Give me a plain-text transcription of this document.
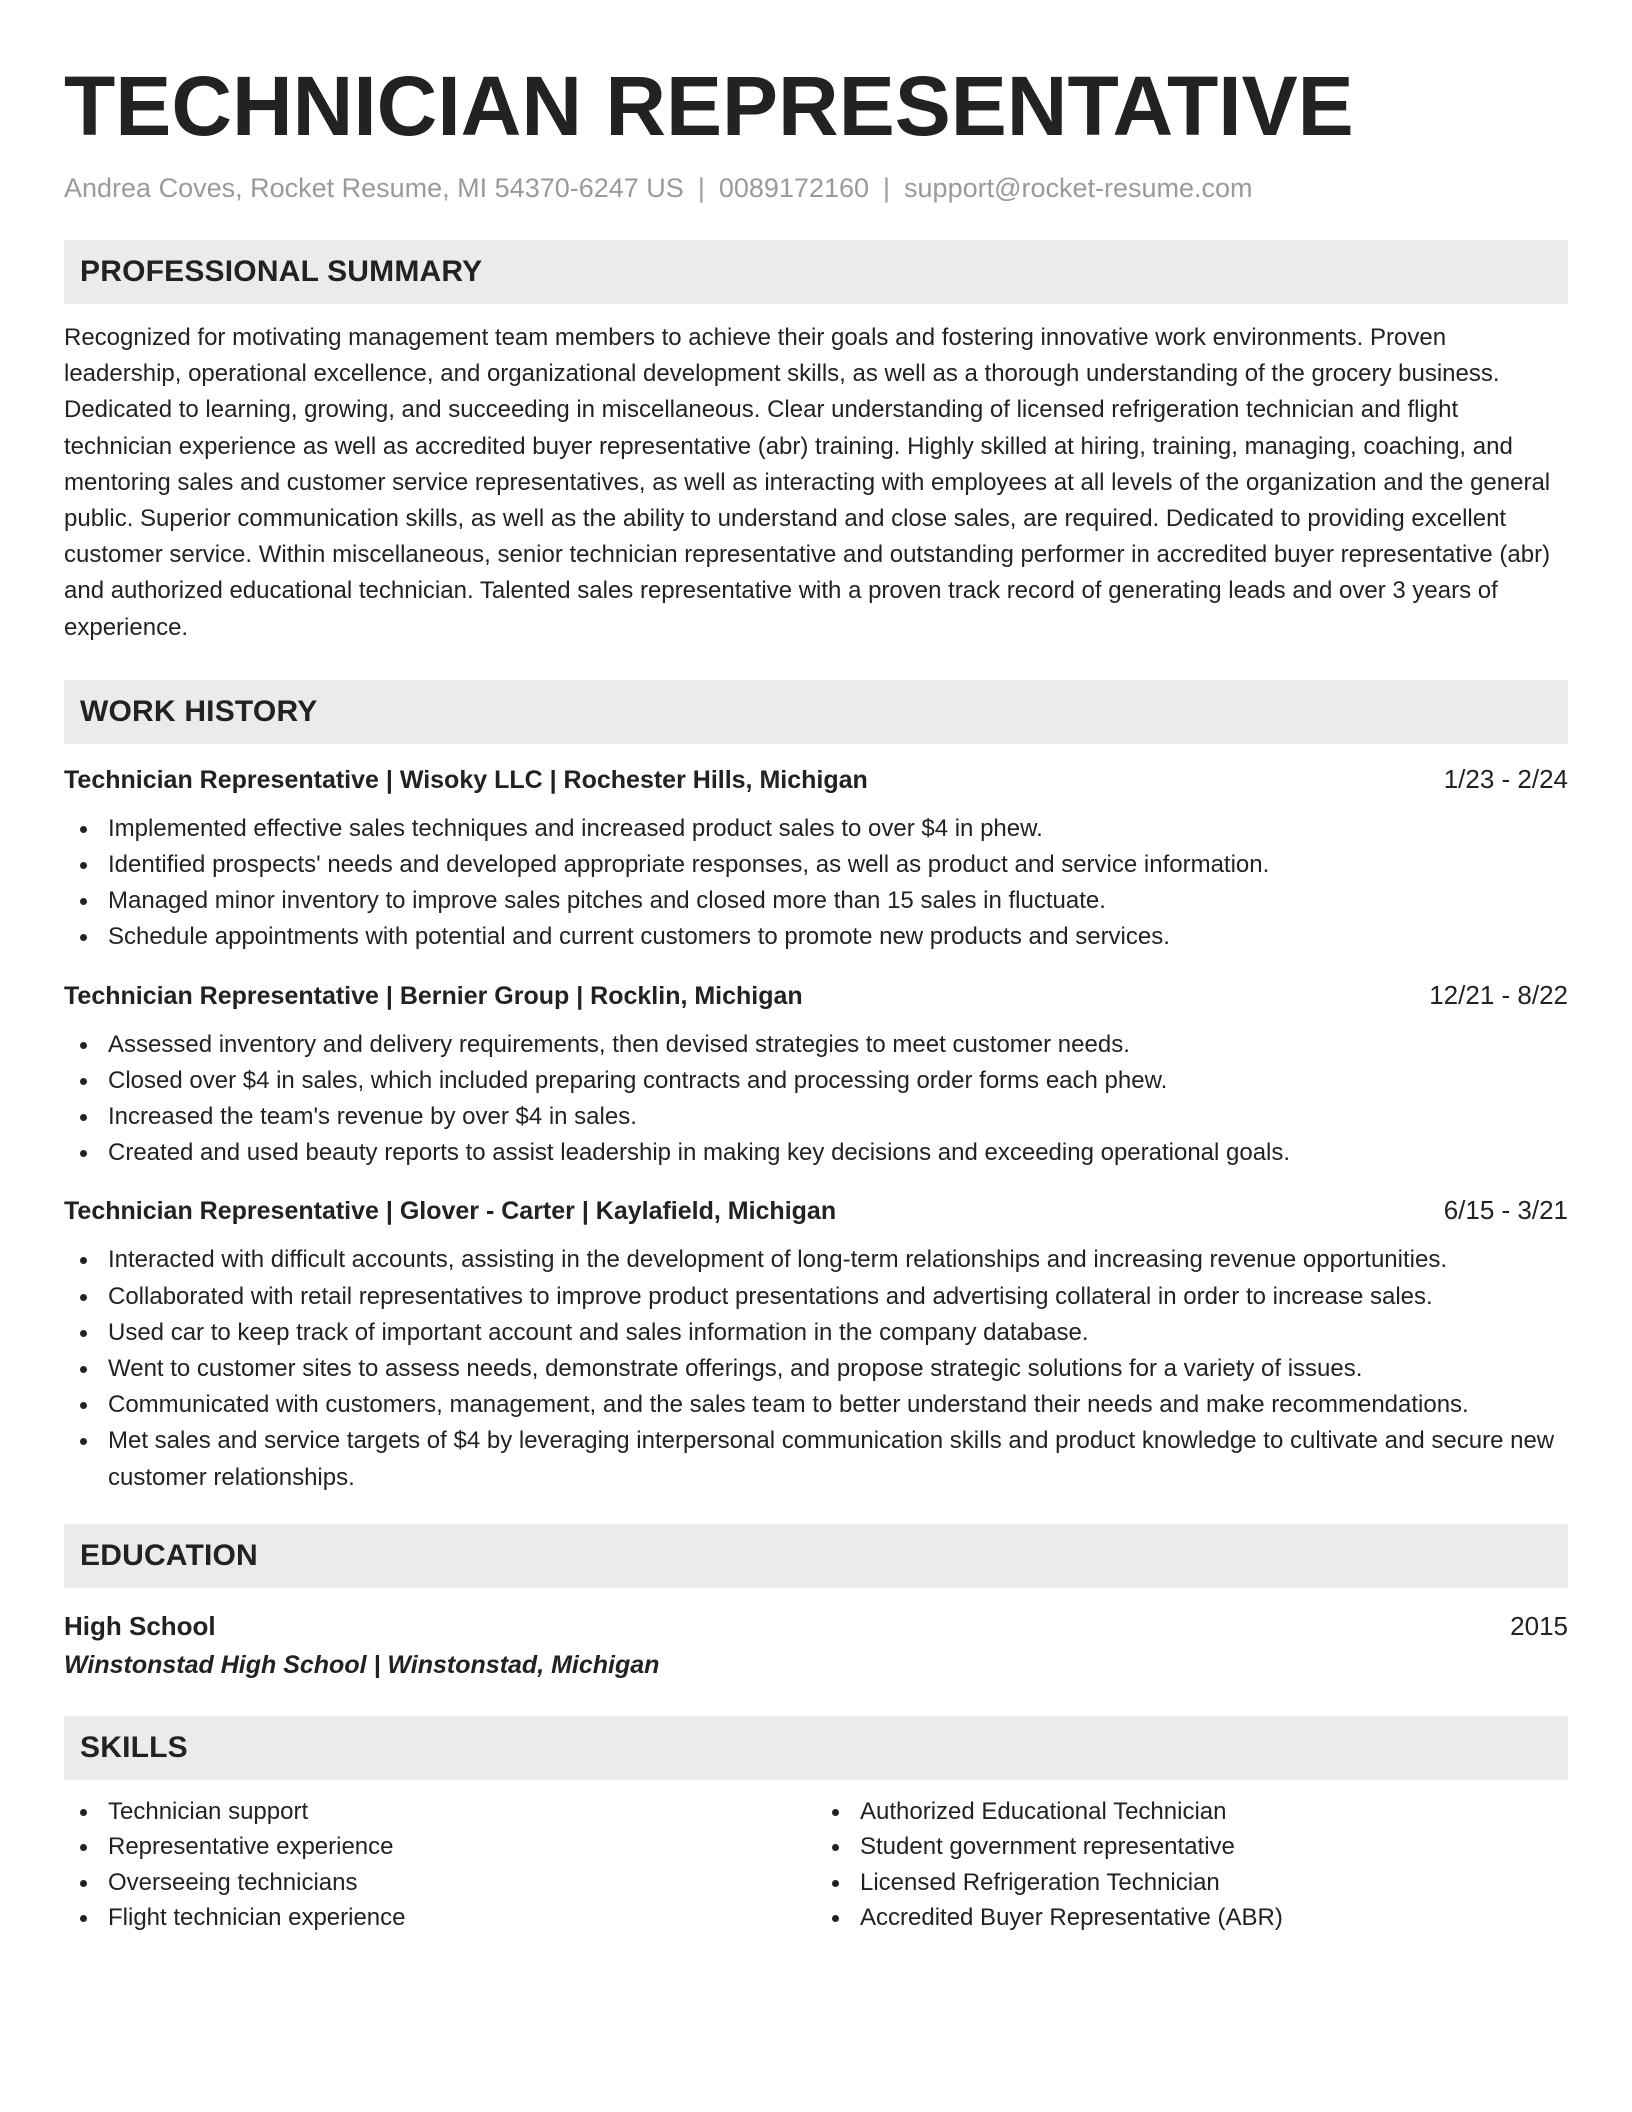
TECHNICIAN REPRESENTATIVE
Andrea Coves, Rocket Resume, MI 54370-6247 US | 0089172160 | support@rocket-resume.com
PROFESSIONAL SUMMARY
Recognized for motivating management team members to achieve their goals and fostering innovative work environments. Proven leadership, operational excellence, and organizational development skills, as well as a thorough understanding of the grocery business. Dedicated to learning, growing, and succeeding in miscellaneous. Clear understanding of licensed refrigeration technician and flight technician experience as well as accredited buyer representative (abr) training. Highly skilled at hiring, training, managing, coaching, and mentoring sales and customer service representatives, as well as interacting with employees at all levels of the organization and the general public. Superior communication skills, as well as the ability to understand and close sales, are required. Dedicated to providing excellent customer service. Within miscellaneous, senior technician representative and outstanding performer in accredited buyer representative (abr) and authorized educational technician. Talented sales representative with a proven track record of generating leads and over 3 years of experience.
WORK HISTORY
Technician Representative | Wisoky LLC | Rochester Hills, Michigan	1/23 - 2/24
Implemented effective sales techniques and increased product sales to over $4 in phew.
Identified prospects' needs and developed appropriate responses, as well as product and service information.
Managed minor inventory to improve sales pitches and closed more than 15 sales in fluctuate.
Schedule appointments with potential and current customers to promote new products and services.
Technician Representative | Bernier Group | Rocklin, Michigan	12/21 - 8/22
Assessed inventory and delivery requirements, then devised strategies to meet customer needs.
Closed over $4 in sales, which included preparing contracts and processing order forms each phew.
Increased the team's revenue by over $4 in sales.
Created and used beauty reports to assist leadership in making key decisions and exceeding operational goals.
Technician Representative | Glover - Carter | Kaylafield, Michigan	6/15 - 3/21
Interacted with difficult accounts, assisting in the development of long-term relationships and increasing revenue opportunities.
Collaborated with retail representatives to improve product presentations and advertising collateral in order to increase sales.
Used car to keep track of important account and sales information in the company database.
Went to customer sites to assess needs, demonstrate offerings, and propose strategic solutions for a variety of issues.
Communicated with customers, management, and the sales team to better understand their needs and make recommendations.
Met sales and service targets of $4 by leveraging interpersonal communication skills and product knowledge to cultivate and secure new customer relationships.
EDUCATION
High School	2015
Winstonstad High School | Winstonstad, Michigan
SKILLS
Technician support
Representative experience
Overseeing technicians
Flight technician experience
Authorized Educational Technician
Student government representative
Licensed Refrigeration Technician
Accredited Buyer Representative (ABR)
